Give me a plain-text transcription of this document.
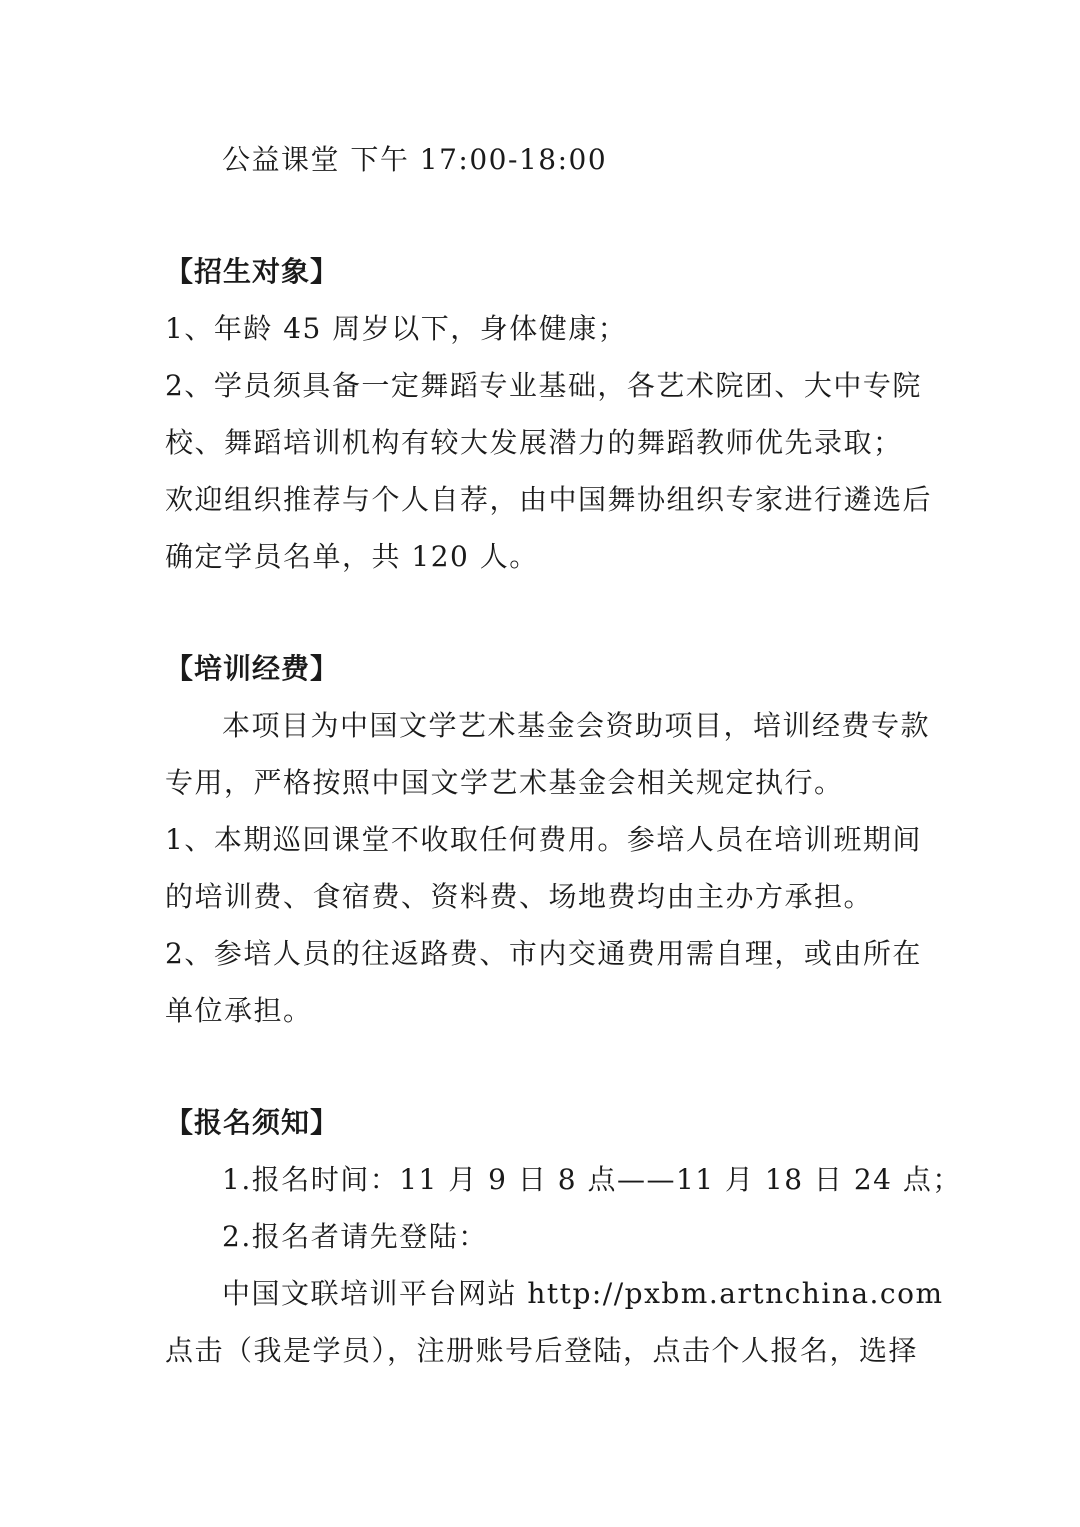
公益课堂 下午 17:00-18:00
【招生对象】
1、年龄 45 周岁以下，身体健康；
2、学员须具备一定舞蹈专业基础，各艺术院团、大中专院
校、舞蹈培训机构有较大发展潜力的舞蹈教师优先录取；
欢迎组织推荐与个人自荐，由中国舞协组织专家进行遴选后
确定学员名单，共 120 人。
【培训经费】
本项目为中国文学艺术基金会资助项目，培训经费专款
专用，严格按照中国文学艺术基金会相关规定执行。
1、本期巡回课堂不收取任何费用。参培人员在培训班期间
的培训费、食宿费、资料费、场地费均由主办方承担。
2、参培人员的往返路费、市内交通费用需自理，或由所在
单位承担。
【报名须知】
1.报名时间：11 月 9 日 8 点——11 月 18 日 24 点；
2.报名者请先登陆：
中国文联培训平台网站 http://pxbm.artnchina.com
点击（我是学员），注册账号后登陆，点击个人报名，选择
